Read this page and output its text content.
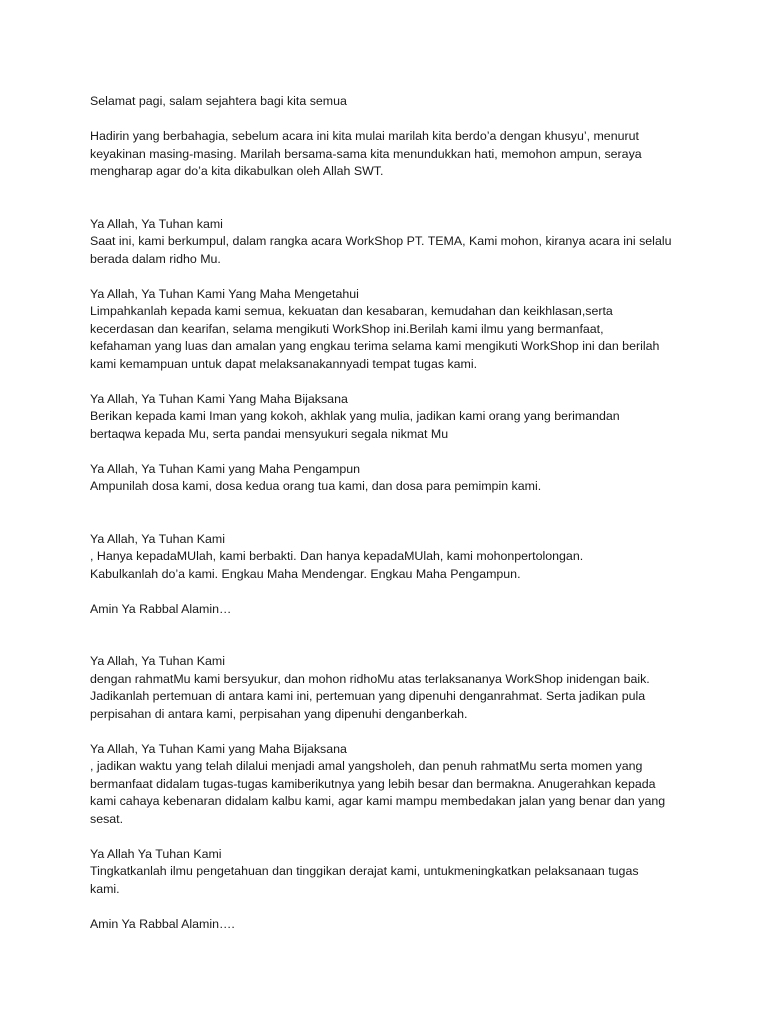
Selamat pagi, salam sejahtera bagi kita semua
Hadirin yang berbahagia, sebelum acara ini kita mulai marilah kita berdo’a dengan khusyu’, menurut
keyakinan masing-masing. Marilah bersama-sama kita menundukkan hati, memohon ampun, seraya
mengharap agar do’a kita dikabulkan oleh Allah SWT.
Ya Allah, Ya Tuhan kami
Saat ini, kami berkumpul, dalam rangka acara WorkShop PT. TEMA, Kami mohon, kiranya acara ini selalu
berada dalam ridho Mu.
Ya Allah, Ya Tuhan Kami Yang Maha Mengetahui
Limpahkanlah kepada kami semua, kekuatan dan kesabaran, kemudahan dan keikhlasan,serta
kecerdasan dan kearifan, selama mengikuti WorkShop ini.Berilah kami ilmu yang bermanfaat,
kefahaman yang luas dan amalan yang engkau terima selama kami mengikuti WorkShop ini dan berilah
kami kemampuan untuk dapat melaksanakannyadi tempat tugas kami.
Ya Allah, Ya Tuhan Kami Yang Maha Bijaksana
Berikan kepada kami Iman yang kokoh, akhlak yang mulia, jadikan kami orang yang berimandan
bertaqwa kepada Mu, serta pandai mensyukuri segala nikmat Mu
Ya Allah, Ya Tuhan Kami yang Maha Pengampun
Ampunilah dosa kami, dosa kedua orang tua kami, dan dosa para pemimpin kami.
Ya Allah, Ya Tuhan Kami
, Hanya kepadaMUlah, kami berbakti. Dan hanya kepadaMUlah, kami mohonpertolongan.
Kabulkanlah do’a kami. Engkau Maha Mendengar. Engkau Maha Pengampun.
Amin Ya Rabbal Alamin…
Ya Allah, Ya Tuhan Kami
dengan rahmatMu kami bersyukur, dan mohon ridhoMu atas terlaksananya WorkShop inidengan baik.
Jadikanlah pertemuan di antara kami ini, pertemuan yang dipenuhi denganrahmat. Serta jadikan pula
perpisahan di antara kami, perpisahan yang dipenuhi denganberkah.
Ya Allah, Ya Tuhan Kami yang Maha Bijaksana
, jadikan waktu yang telah dilalui menjadi amal yangsholeh, dan penuh rahmatMu serta momen yang
bermanfaat didalam tugas-tugas kamiberikutnya yang lebih besar dan bermakna. Anugerahkan kepada
kami cahaya kebenaran didalam kalbu kami, agar kami mampu membedakan jalan yang benar dan yang
sesat.
Ya Allah Ya Tuhan Kami
Tingkatkanlah ilmu pengetahuan dan tinggikan derajat kami, untukmeningkatkan pelaksanaan tugas
kami.
Amin Ya Rabbal Alamin….
